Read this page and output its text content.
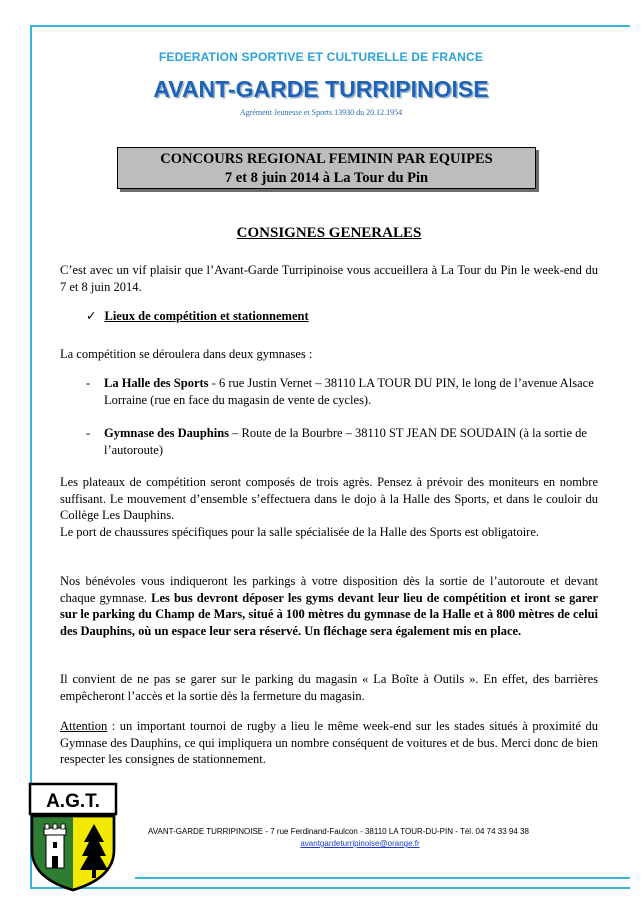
FEDERATION SPORTIVE ET CULTURELLE DE FRANCE
AVANT-GARDE TURRIPINOISE
Agrément Jeunesse et Sports 13930 du 20.12.1954
CONCOURS REGIONAL FEMININ PAR EQUIPES
7 et 8 juin 2014 à La Tour du Pin
CONSIGNES GENERALES
C’est avec un vif plaisir que l’Avant-Garde Turripinoise vous accueillera à La Tour du Pin le week-end du 7 et 8 juin 2014.
✓ Lieux de compétition et stationnement
La compétition se déroulera dans deux gymnases :
- La Halle des Sports - 6 rue Justin Vernet – 38110 LA TOUR DU PIN, le long de l’avenue Alsace Lorraine (rue en face du magasin de vente de cycles).
- Gymnase des Dauphins – Route de la Bourbre – 38110 ST JEAN DE SOUDAIN (à la sortie de l’autoroute)
Les plateaux de compétition seront composés de trois agrès. Pensez à prévoir des moniteurs en nombre suffisant. Le mouvement d’ensemble s’effectuera dans le dojo à la Halle des Sports, et dans le couloir du Collège Les Dauphins.
Le port de chaussures spécifiques pour la salle spécialisée de la Halle des Sports est obligatoire.
Nos bénévoles vous indiqueront les parkings à votre disposition dès la sortie de l’autoroute et devant chaque gymnase. Les bus devront déposer les gyms devant leur lieu de compétition et iront se garer sur le parking du Champ de Mars, situé à 100 mètres du gymnase de la Halle et à 800 mètres de celui des Dauphins, où un espace leur sera réservé. Un fléchage sera également mis en place.
Il convient de ne pas se garer sur le parking du magasin « La Boîte à Outils ». En effet, des barrières empêcheront l’accès et la sortie dès la fermeture du magasin.
Attention : un important tournoi de rugby a lieu le même week-end sur les stades situés à proximité du Gymnase des Dauphins, ce qui impliquera un nombre conséquent de voitures et de bus. Merci donc de bien respecter les consignes de stationnement.
A.G.T.
AVANT-GARDE TURRIPINOISE - 7 rue Ferdinand-Faulcon - 38110 LA TOUR-DU-PIN - Tél. 04 74 33 94 38
avantgardeturripinoise@orange.fr
